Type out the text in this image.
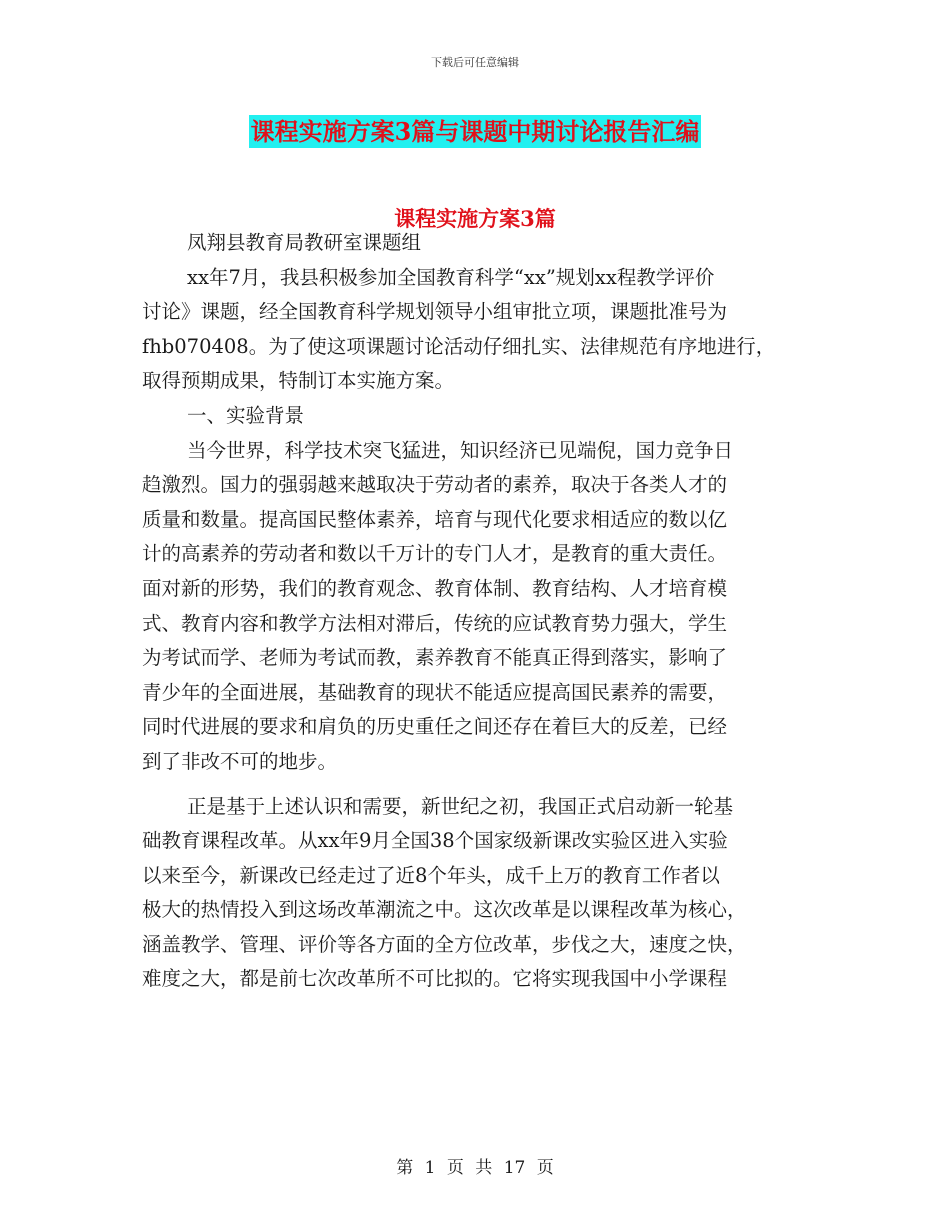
下载后可任意编辑
课程实施方案3篇与课题中期讨论报告汇编
课程实施方案3篇

凤翔县教育局教研室课题组

xx年7月，我县积极参加全国教育科学“xx”规划xx程教学评价

讨论》课题，经全国教育科学规划领导小组审批立项，课题批准号为

fhb070408。为了使这项课题讨论活动仔细扎实、法律规范有序地进行，

取得预期成果，特制订本实施方案。

一、实验背景

当今世界，科学技术突飞猛进，知识经济已见端倪，国力竞争日

趋激烈。国力的强弱越来越取决于劳动者的素养，取决于各类人才的

质量和数量。提高国民整体素养，培育与现代化要求相适应的数以亿

计的高素养的劳动者和数以千万计的专门人才，是教育的重大责任。

面对新的形势，我们的教育观念、教育体制、教育结构、人才培育模

式、教育内容和教学方法相对滞后，传统的应试教育势力强大，学生

为考试而学、老师为考试而教，素养教育不能真正得到落实，影响了

青少年的全面进展，基础教育的现状不能适应提高国民素养的需要，

同时代进展的要求和肩负的历史重任之间还存在着巨大的反差，已经

到了非改不可的地步。

正是基于上述认识和需要，新世纪之初，我国正式启动新一轮基

础教育课程改革。从xx年9月全国38个国家级新课改实验区进入实验

以来至今，新课改已经走过了近8个年头，成千上万的教育工作者以

极大的热情投入到这场改革潮流之中。这次改革是以课程改革为核心，

涵盖教学、管理、评价等各方面的全方位改革，步伐之大，速度之快，

难度之大，都是前七次改革所不可比拟的。它将实现我国中小学课程

第 1 页 共 17 页
